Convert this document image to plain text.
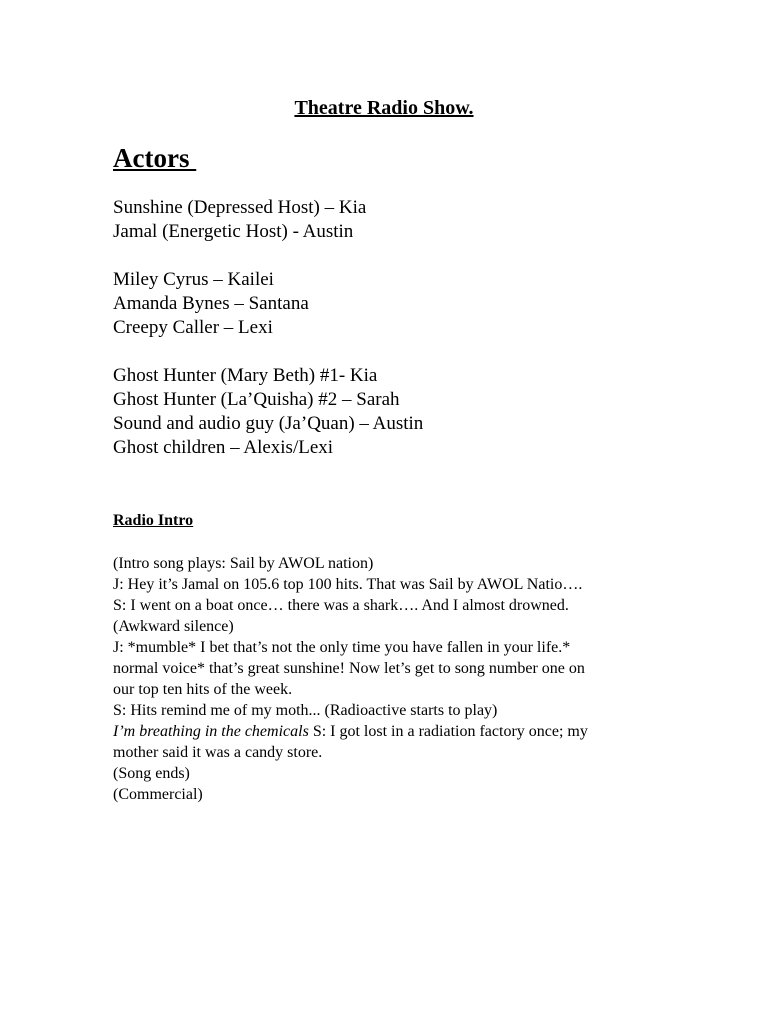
Theatre Radio Show.
Actors
Sunshine (Depressed Host) – Kia
Jamal (Energetic Host) - Austin
Miley Cyrus – Kailei
Amanda Bynes – Santana
Creepy Caller – Lexi
Ghost Hunter (Mary Beth) #1- Kia
Ghost Hunter (La’Quisha) #2 – Sarah
Sound and audio guy (Ja’Quan) – Austin
Ghost children – Alexis/Lexi
Radio Intro
(Intro song plays: Sail by AWOL nation)
J: Hey it’s Jamal on 105.6 top 100 hits. That was Sail by AWOL Natio….
S: I went on a boat once… there was a shark…. And I almost drowned.
(Awkward silence)
J: *mumble* I bet that’s not the only time you have fallen in your life.*
normal voice* that’s great sunshine! Now let’s get to song number one on
our top ten hits of the week.
S: Hits remind me of my moth... (Radioactive starts to play)
I’m breathing in the chemicals S: I got lost in a radiation factory once; my
mother said it was a candy store.
(Song ends)
(Commercial)
